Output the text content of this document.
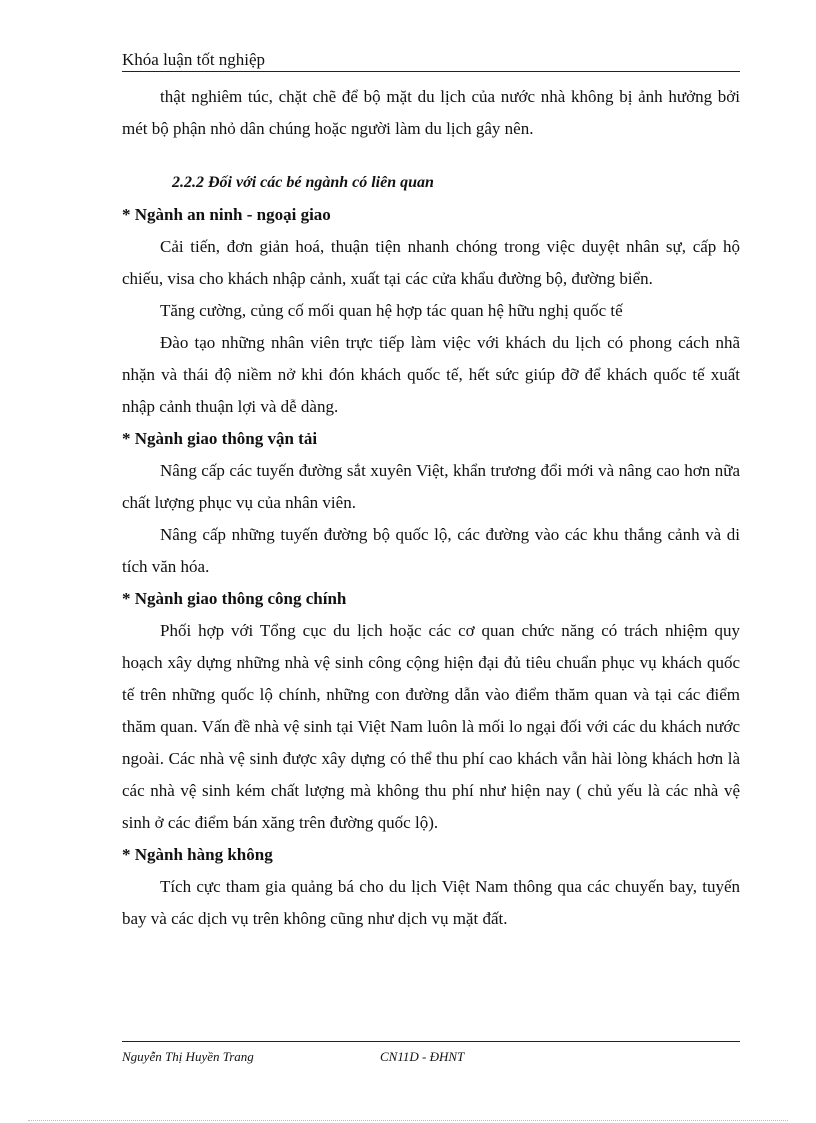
Khóa luận tốt nghiệp

thật nghiêm túc, chặt chẽ để bộ mặt du lịch của nước nhà không bị ảnh hưởng bởi mét bộ phận nhỏ dân chúng hoặc người làm du lịch gây nên.

2.2.2 Đối với các bé ngành có liên quan

* Ngành an ninh - ngoại giao

Cải tiến, đơn giản hoá, thuận tiện nhanh chóng trong việc duyệt nhân sự, cấp hộ chiếu, visa cho khách nhập cảnh, xuất tại các cửa khẩu đường bộ, đường biển.

Tăng cường, củng cố mối quan hệ hợp tác quan hệ hữu nghị quốc tế

Đào tạo những nhân viên trực tiếp làm việc với khách du lịch có phong cách nhã nhặn và thái độ niềm nở khi đón khách quốc tế, hết sức giúp đỡ để khách quốc tế xuất nhập cảnh thuận lợi và dễ dàng.

* Ngành giao thông vận tải

Nâng cấp các tuyến đường sắt xuyên Việt, khẩn trương đổi mới và nâng cao hơn nữa chất lượng phục vụ của nhân viên.

Nâng cấp những tuyến đường bộ quốc lộ, các đường vào các khu thắng cảnh và di tích văn hóa.

* Ngành giao thông công chính

Phối hợp với Tổng cục du lịch hoặc các cơ quan chức năng có trách nhiệm quy hoạch xây dựng những nhà vệ sinh công cộng hiện đại đủ tiêu chuẩn phục vụ khách quốc tế trên những quốc lộ chính, những con đường dẫn vào điểm thăm quan và tại các điểm thăm quan. Vấn đề nhà vệ sinh tại Việt Nam luôn là mối lo ngại đối với các du khách nước ngoài. Các nhà vệ sinh được xây dựng có thể thu phí cao khách vẫn hài lòng khách hơn là các nhà vệ sinh kém chất lượng mà không thu phí như hiện nay ( chủ yếu là các nhà vệ sinh ở các điểm bán xăng trên đường quốc lộ).

* Ngành hàng không

Tích cực tham gia quảng bá cho du lịch Việt Nam thông qua các chuyến bay, tuyến bay và các dịch vụ trên không cũng như dịch vụ mặt đất.

Nguyễn Thị Huyền Trang	CN11D - ĐHNT
